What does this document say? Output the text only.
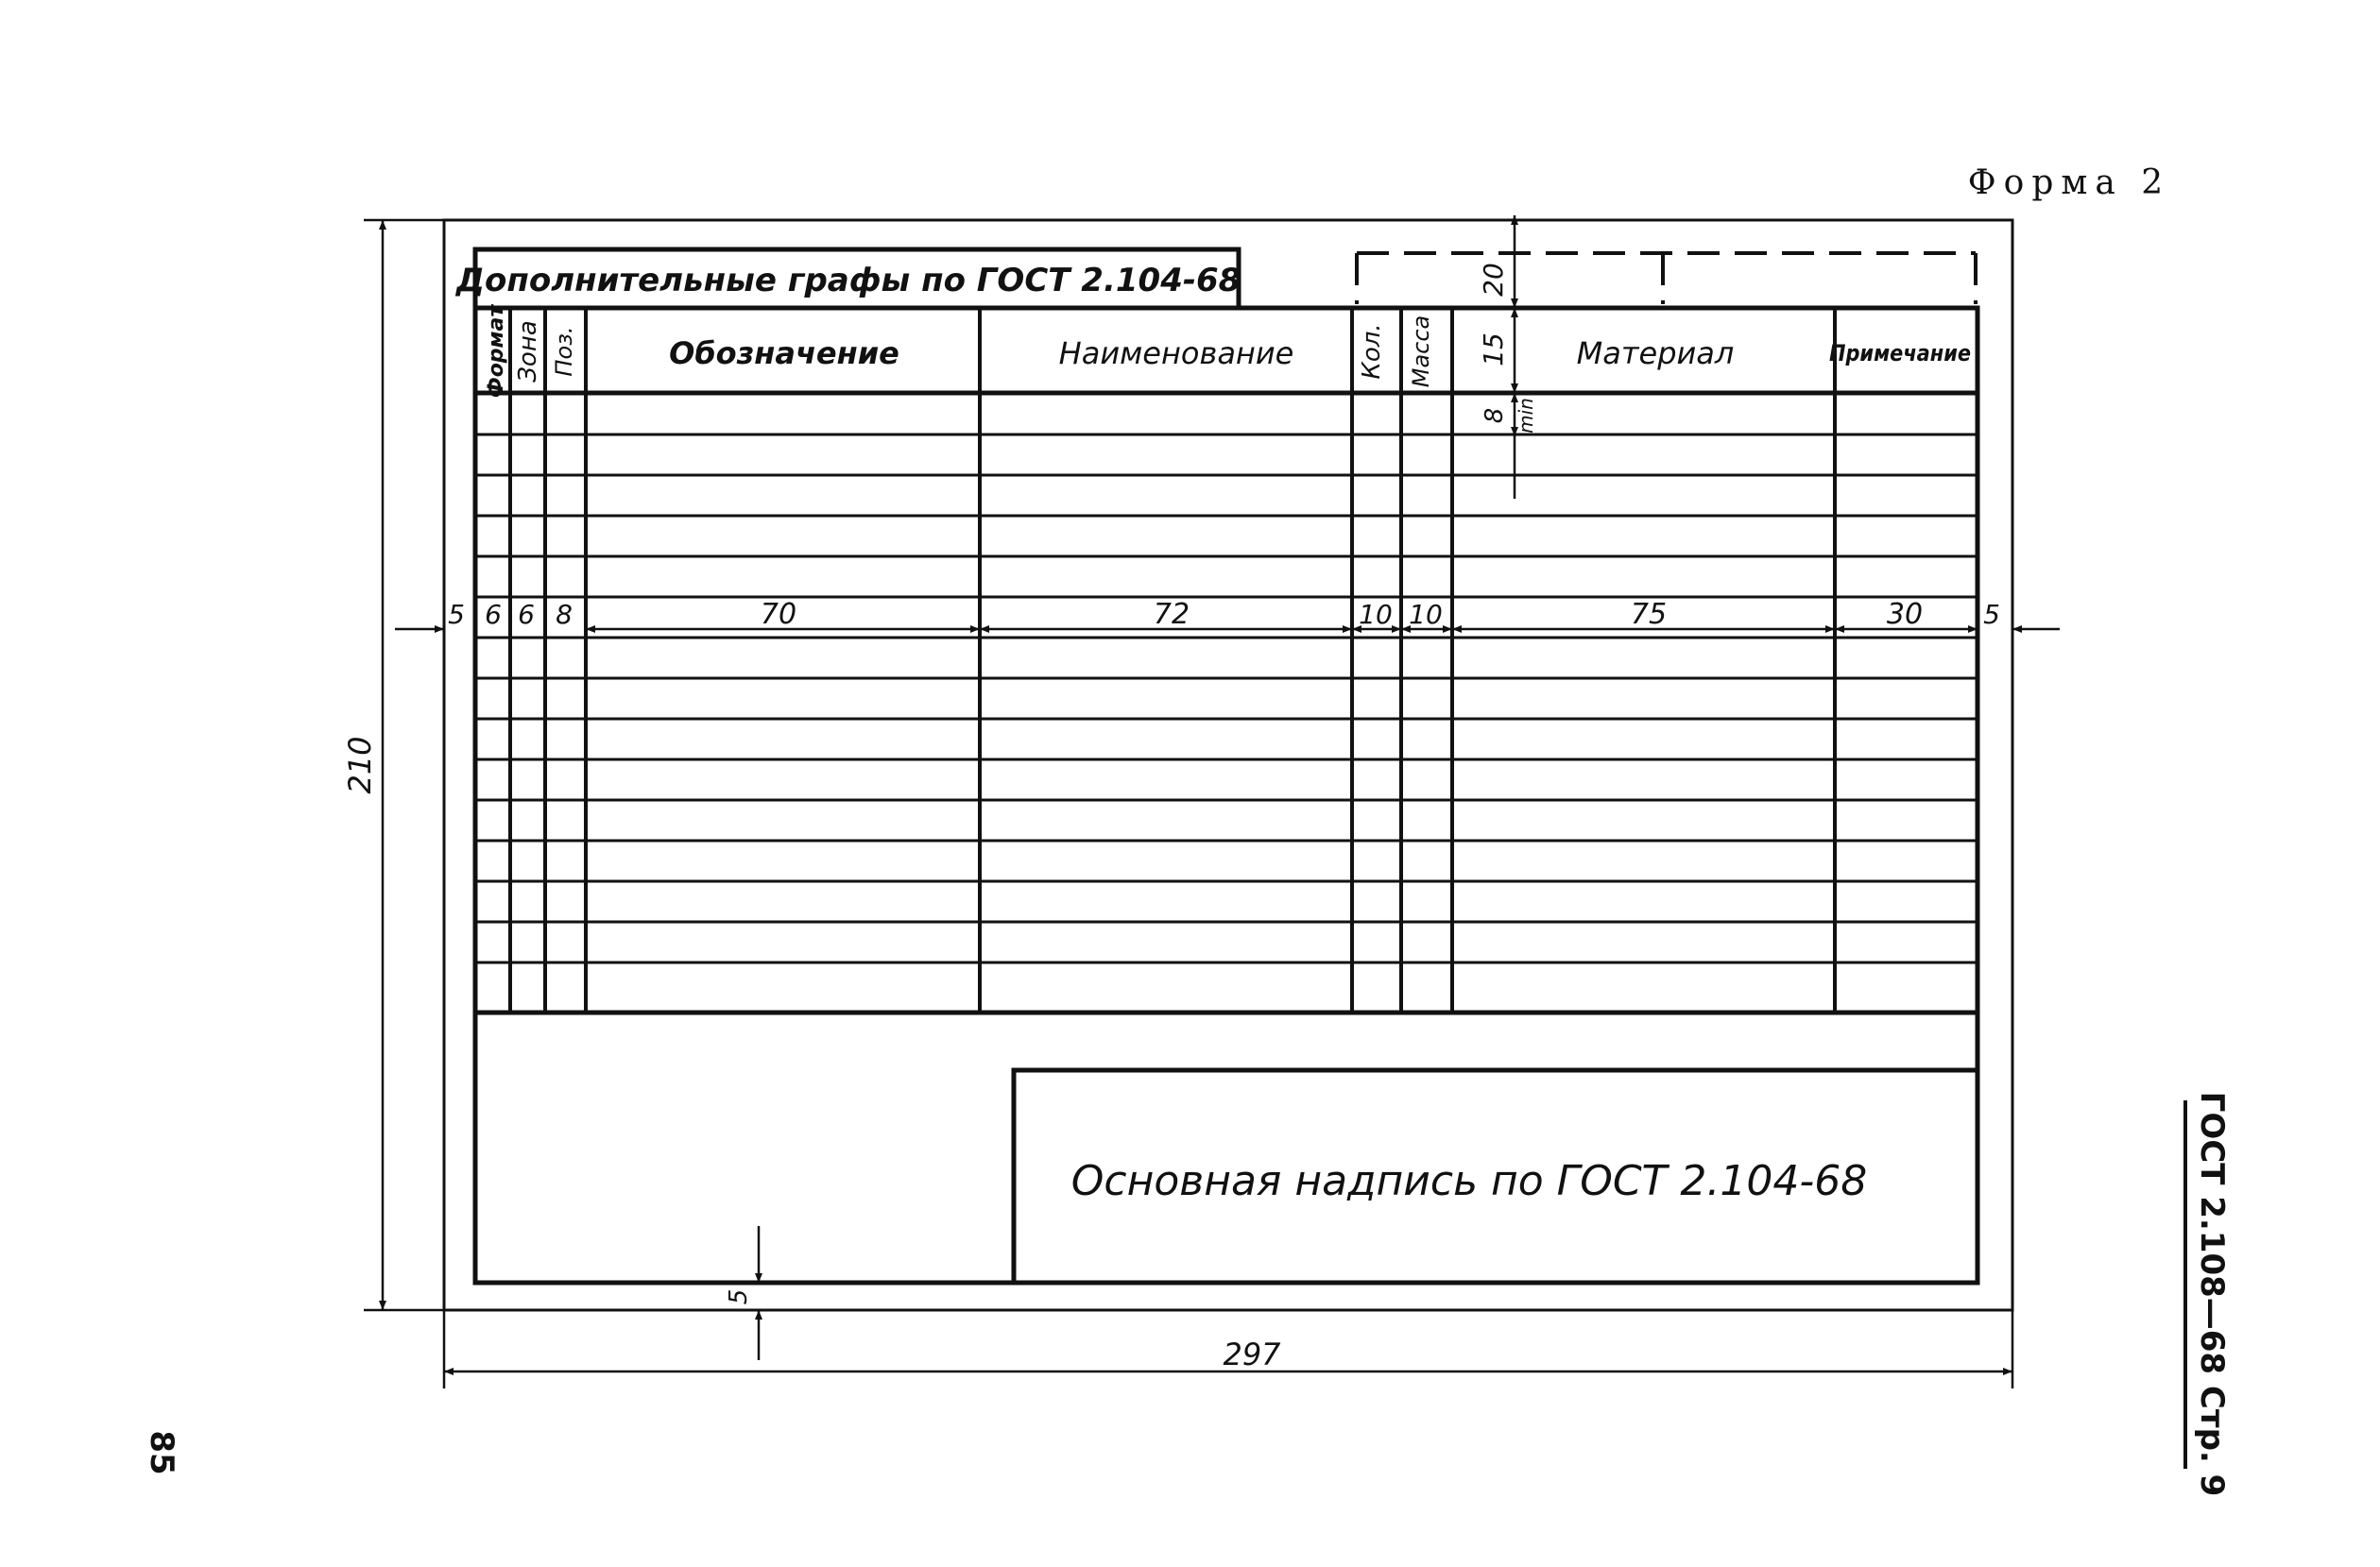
Форма 2
Дополнительные графы по ГОСТ 2.104-68
Формат Зона Поз.	Обозначение	Наименование	Кол. Масса	Материал	Примечание
Основная надпись по ГОСТ 2.104-68
5 6 6 8	70	72	10 10	75	30 5
20
15
8 min
210
297
5	ГОСТ 2.108—68 Стр. 9
85
